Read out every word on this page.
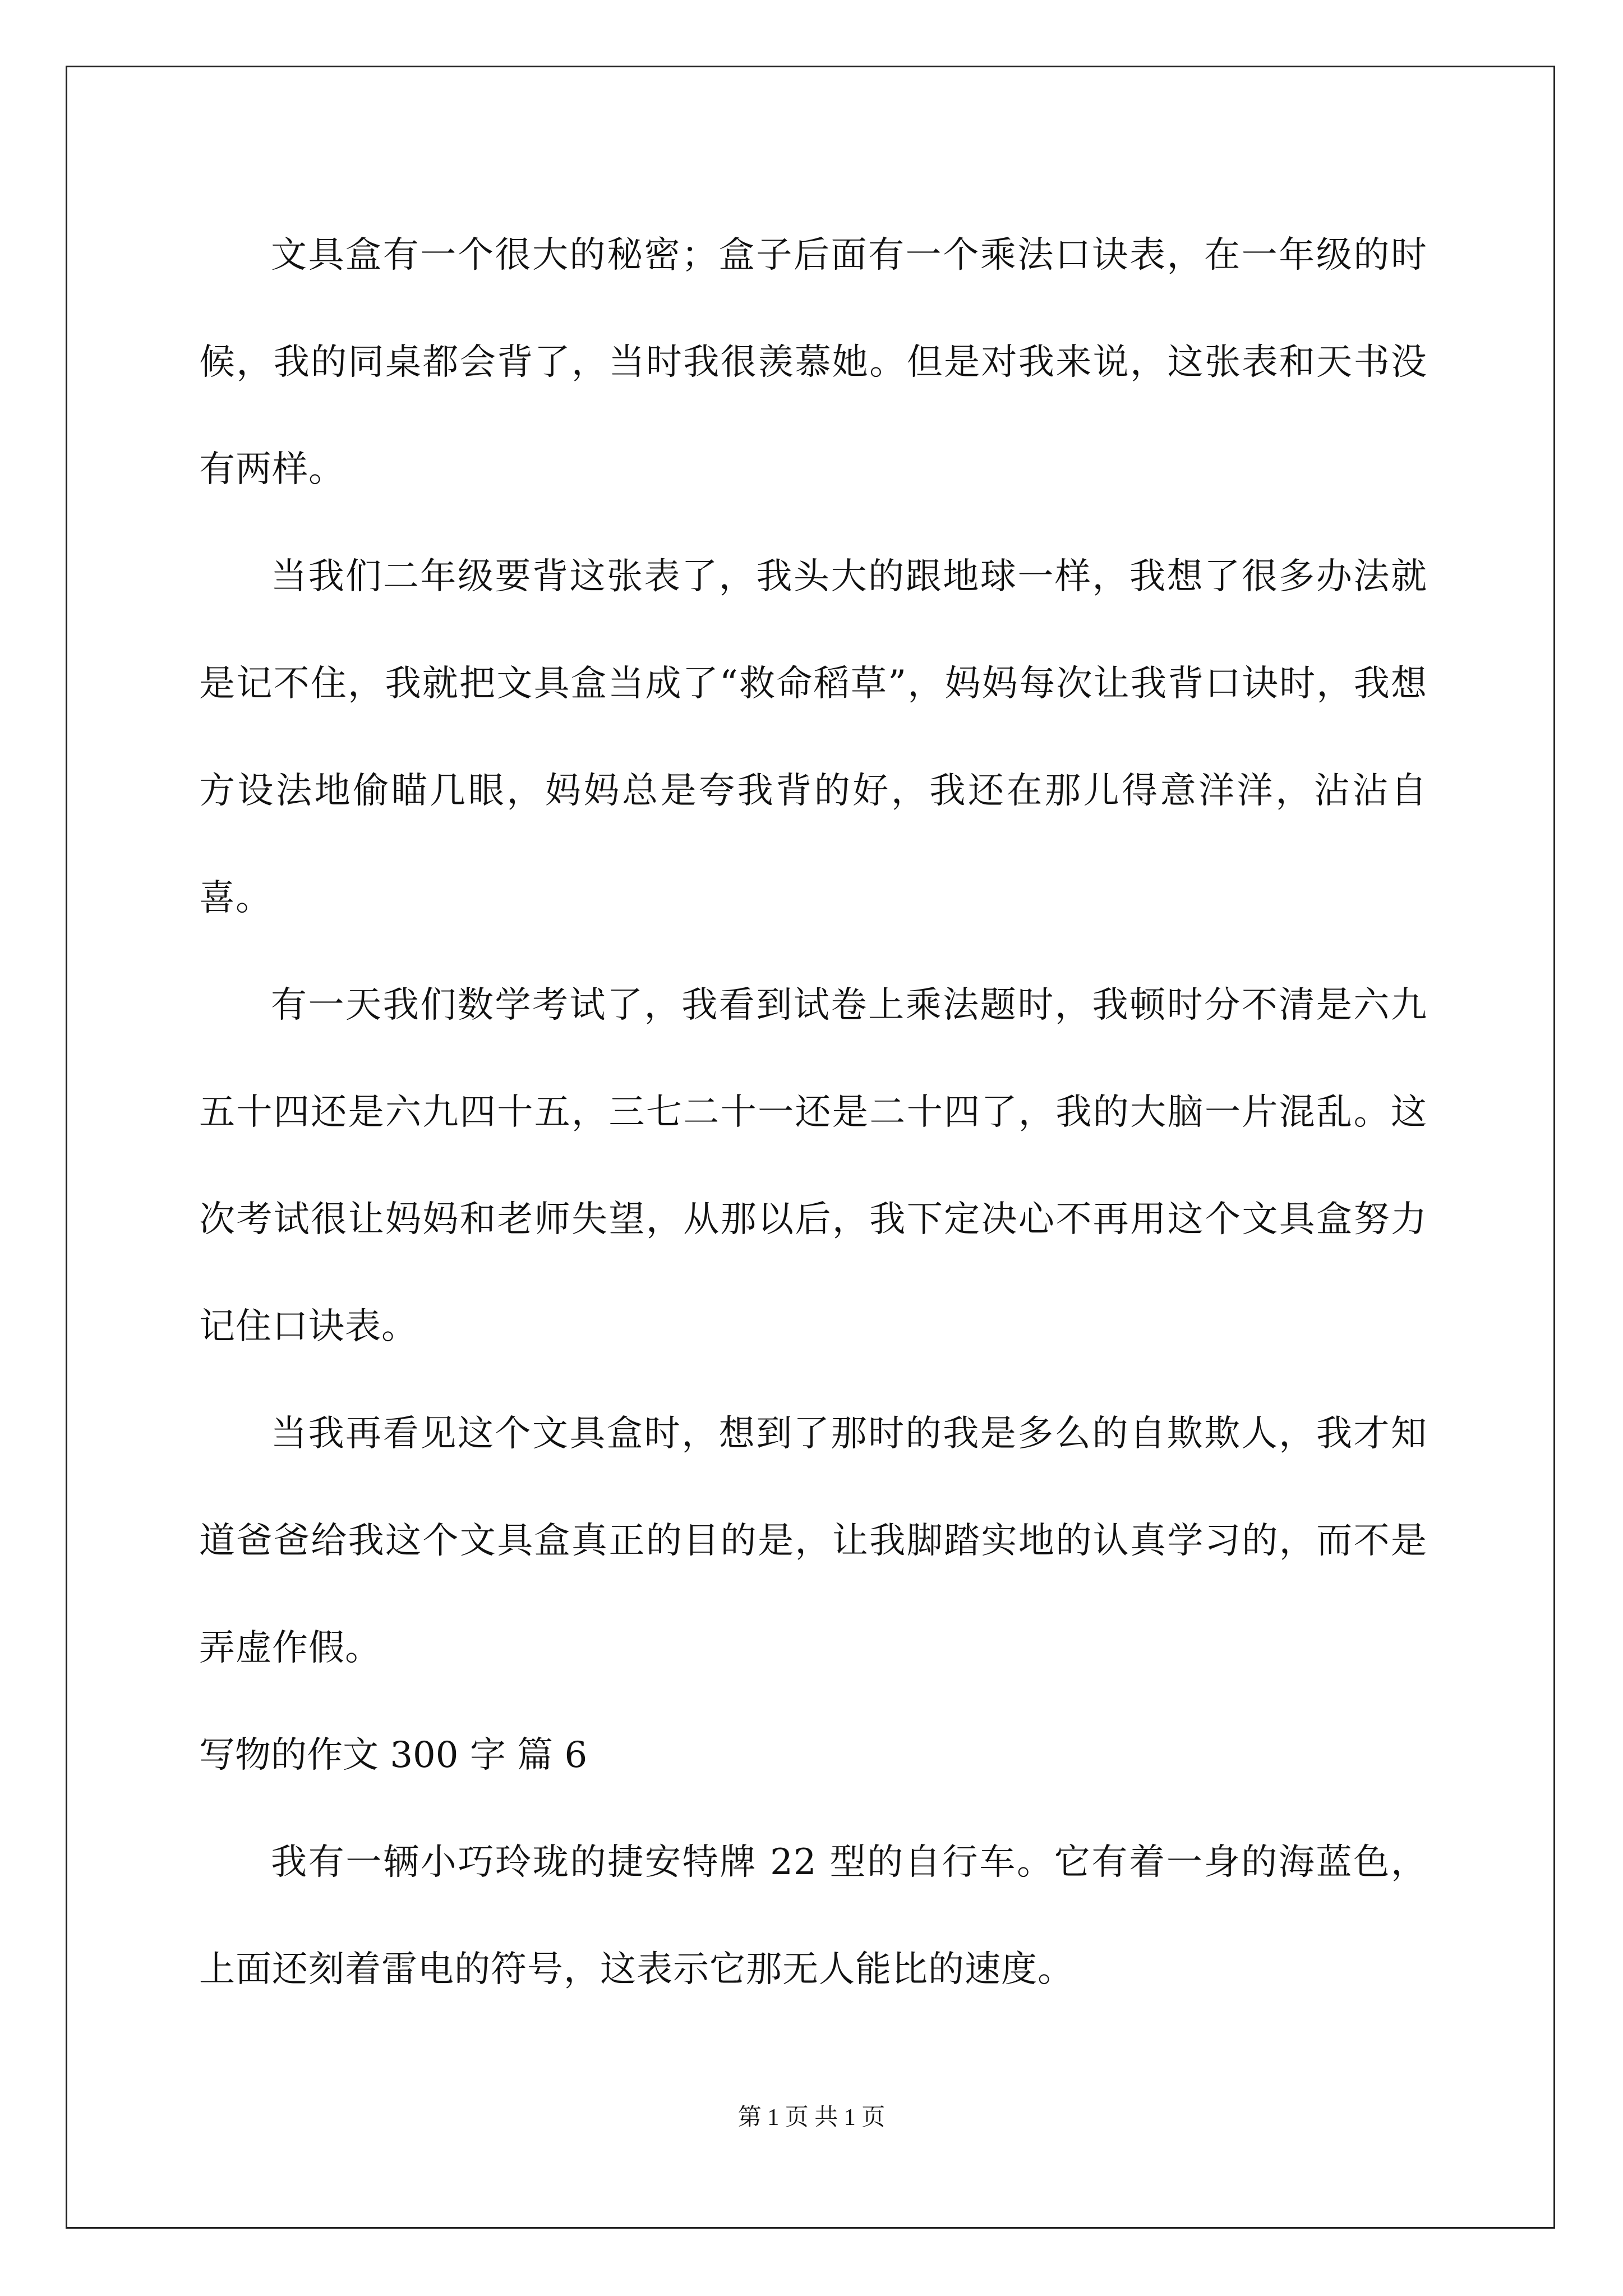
文具盒有一个很大的秘密；盒子后面有一个乘法口诀表，在一年级的时候，我的同桌都会背了，当时我很羡慕她。但是对我来说，这张表和天书没有两样。

当我们二年级要背这张表了，我头大的跟地球一样，我想了很多办法就是记不住，我就把文具盒当成了“救命稻草”，妈妈每次让我背口诀时，我想方设法地偷瞄几眼，妈妈总是夸我背的好，我还在那儿得意洋洋，沾沾自喜。

有一天我们数学考试了，我看到试卷上乘法题时，我顿时分不清是六九五十四还是六九四十五，三七二十一还是二十四了，我的大脑一片混乱。这次考试很让妈妈和老师失望，从那以后，我下定决心不再用这个文具盒努力记住口诀表。

当我再看见这个文具盒时，想到了那时的我是多么的自欺欺人，我才知道爸爸给我这个文具盒真正的目的是，让我脚踏实地的认真学习的，而不是弄虚作假。

写物的作文 300 字 篇 6

我有一辆小巧玲珑的捷安特牌 22 型的自行车。它有着一身的海蓝色，上面还刻着雷电的符号，这表示它那无人能比的速度。

第 1 页 共 1 页
